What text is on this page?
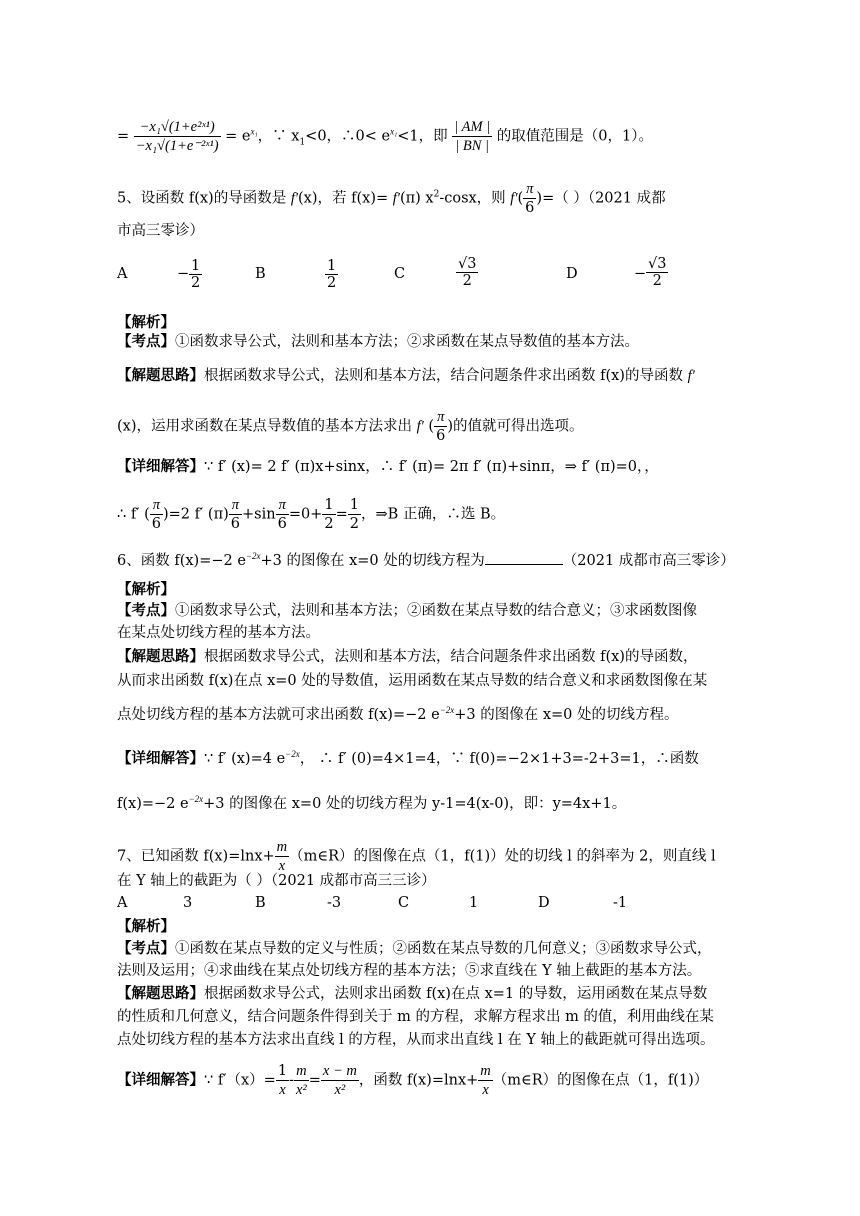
= $\frac{\text{−x₁√(1+e²ˣ¹)}}{\text{−x₁√(1+e⁻²ˣ¹)}} = e^{x_1}$，∵ $x_1<0$，∴0< $e^{x_1}<1$，即 $\frac{| AM |}{| BN |}$ 的取值范围是（0，1）。
5、设函数 f(x)的导函数是 f′(x)，若 f(x)= f′(π) $x^2$-cosx，则 $f'( \frac{\pi}{6}$ )=（ ）（2021 成都
市高三零诊）
A	− $\frac{1}{2}$	B	$\frac{1}{2}$	C	$\frac{√3}{2}$	D	− $\frac{√3}{2}$
【解析】
【考点】①函数求导公式，法则和基本方法；②求函数在某点导数值的基本方法。
【解题思路】根据函数求导公式，法则和基本方法，结合问题条件求出函数 f(x)的导函数 f′
(x)，运用求函数在某点导数值的基本方法求出 f′ ( $\frac{\pi}{6}$ )的值就可得出选项。
【详细解答】∵ f′ (x)= 2 f′ (π)x+sinx，∴ f′ (π)= 2π f′ (π)+sinπ，⇒ f′ (π)=0，，
∴ f′ ( $\frac{\pi}{6} )=2$ f′ $(\pi) \frac{\pi}{6} +\sin \frac{\pi}{6} =0+ \frac{1}{2} = \frac{1}{2}$ ，⇒B 正确，∴选 B。
6、函数 f(x)=−2 $e^{-2x}+3$ 的图像在 x=0 处的切线方程为	（2021 成都市高三零诊）
【解析】
【考点】①函数求导公式，法则和基本方法；②函数在某点导数的结合意义；③求函数图像
在某点处切线方程的基本方法。
【解题思路】根据函数求导公式，法则和基本方法，结合问题条件求出函数 f(x)的导函数，
从而求出函数 f(x)在点 x=0 处的导数值，运用函数在某点导数的结合意义和求函数图像在某
点处切线方程的基本方法就可求出函数 f(x)=−2 $e^{-2x}+3$ 的图像在 x=0 处的切线方程。
【详细解答】∵ f′ (x)=4 $e^{-2x}$， ∴ f′ (0)=4×1=4，∵ f(0)=−2×1+3=-2+3=1，∴函数
f(x)=−2 $e^{-2x}+3$ 的图像在 x=0 处的切线方程为 y-1=4(x-0)，即：y=4x+1。
7、已知函数 $f(x)=\ln x+ \frac{m}{x}$ （m∈R）的图像在点（1，f(1)）处的切线 l 的斜率为 2，则直线 l
在 Y 轴上的截距为（ ）（2021 成都市高三三诊）
A	3	B	-3	C	1	D	-1
【解析】
【考点】①函数在某点导数的定义与性质；②函数在某点导数的几何意义；③函数求导公式，
法则及运用；④求曲线在某点处切线方程的基本方法；⑤求直线在 Y 轴上截距的基本方法。
【解题思路】根据函数求导公式，法则求出函数 f(x)在点 x=1 的导数，运用函数在某点导数
的性质和几何意义，结合问题条件得到关于 m 的方程，求解方程求出 m 的值，利用曲线在某
点处切线方程的基本方法求出直线 l 的方程，从而求出直线 l 在 Y 轴上的截距就可得出选项。
【详细解答】∵ $f'(x)= \frac{1}{x} - \frac{m}{\text{x²}} = \frac{x - m}{\text{x²}}$ ，函数 $f(x)=\ln x+ \frac{m}{x}$ （m∈R）的图像在点（1，f(1)）
